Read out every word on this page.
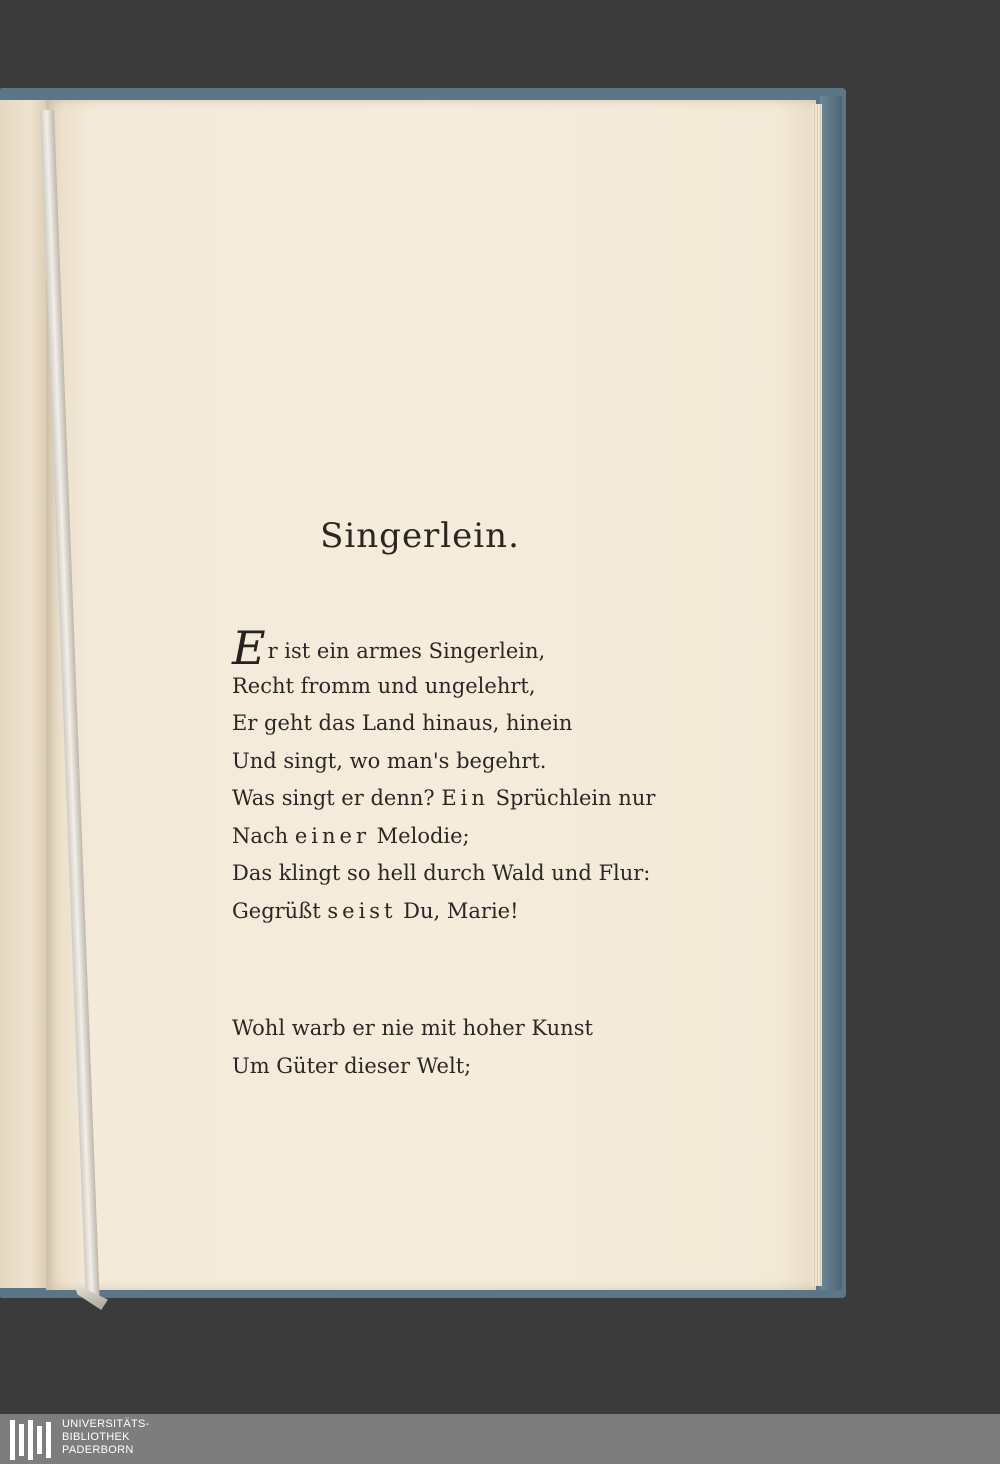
Singerlein.
Er ist ein armes Singerlein,
Recht fromm und ungelehrt,
Er geht das Land hinaus, hinein
Und singt, wo man's begehrt.
Was singt er denn? Ein Sprüchlein nur
Nach einer Melodie;
Das klingt so hell durch Wald und Flur:
Gegrüßt seist Du, Marie!
Wohl warb er nie mit hoher Kunst
Um Güter dieser Welt;
UNIVERSITÄTS-
BIBLIOTHEK
PADERBORN
